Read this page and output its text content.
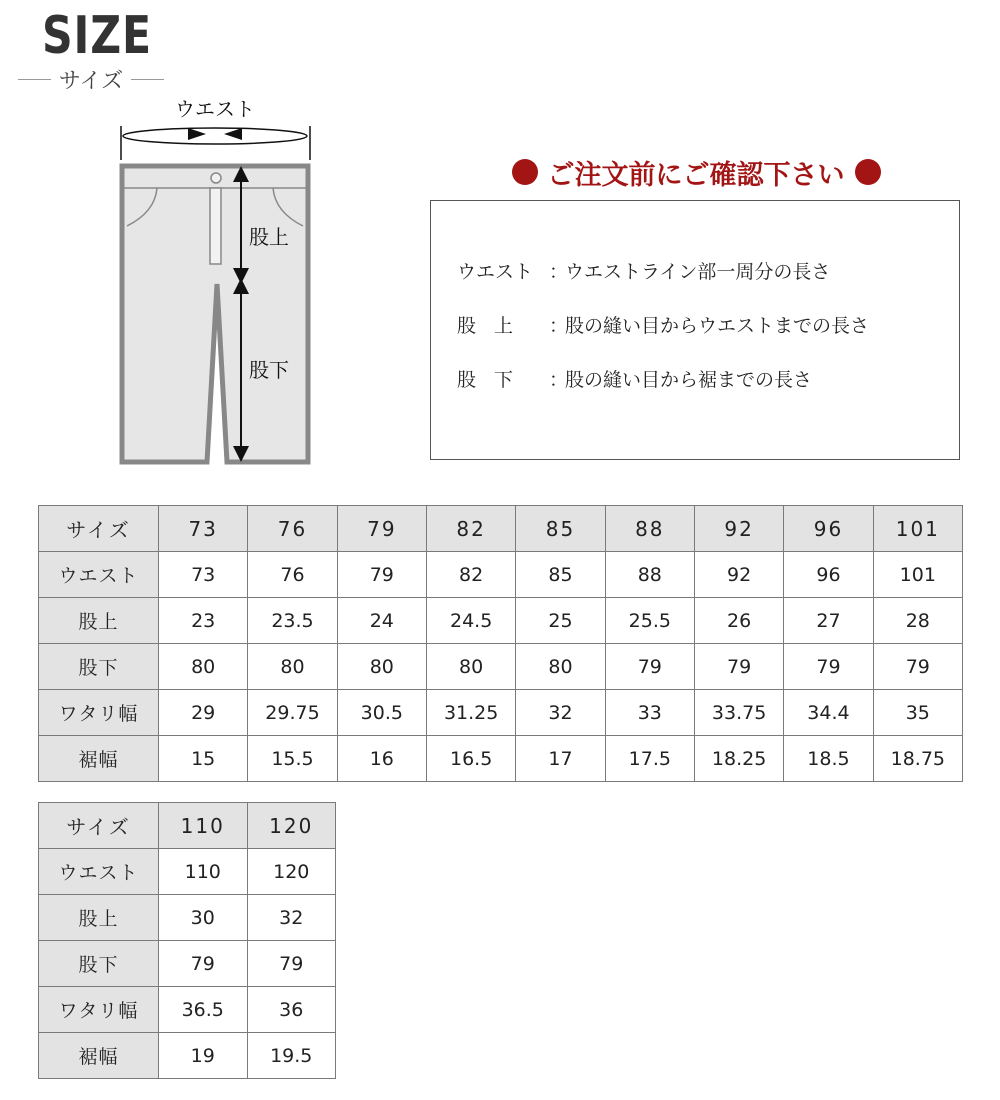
SIZE
サイズ
ウエスト
股上
股下
ご注文前にご確認下さい
ウエスト ：
ウエストライン部一周分の長さ
股上 ：
股の縫い目からウエストまでの長さ
股下 ：
股の縫い目から裾までの長さ
サイズ	73	76	79	82	85	88	92	96	101
ウエスト	73	76	79	82	85	88	92	96	101
股上	23	23.5	24	24.5	25	25.5	26	27	28
股下	80	80	80	80	80	79	79	79	79
ワタリ幅	29	29.75	30.5	31.25	32	33	33.75	34.4	35
裾幅	15	15.5	16	16.5	17	17.5	18.25	18.5	18.75
サイズ	110	120
ウエスト	110	120
股上	30	32
股下	79	79
ワタリ幅	36.5	36
裾幅	19	19.5
